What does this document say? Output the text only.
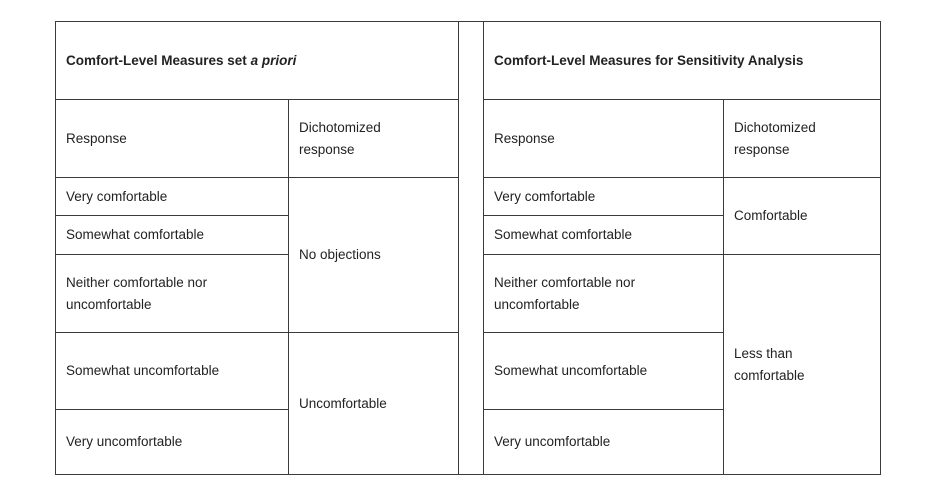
Comfort-Level Measures set a priori
Response
Dichotomized
response
Very comfortable
Somewhat comfortable
Neither comfortable nor
uncomfortable
Somewhat uncomfortable
Very uncomfortable
No objections
Uncomfortable
Comfort-Level Measures for Sensitivity Analysis
Response
Dichotomized
response
Very comfortable
Somewhat comfortable
Neither comfortable nor
uncomfortable
Somewhat uncomfortable
Very uncomfortable
Comfortable
Less than
comfortable
